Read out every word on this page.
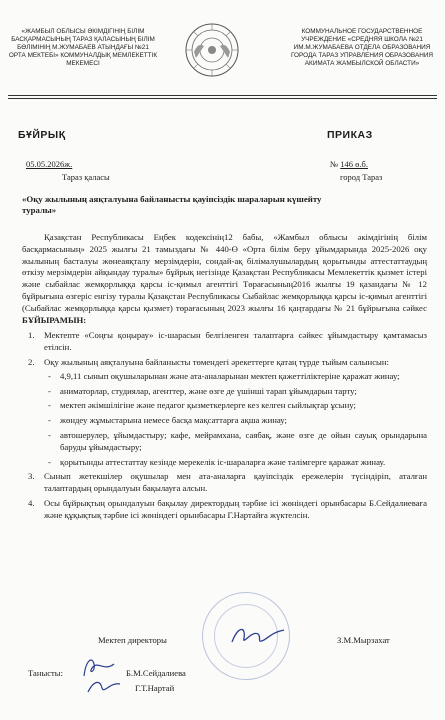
«ЖАМБЫЛ ОБЛЫСЫ ӘКІМДІГІНІҢ БІЛІМ БАСҚАРМАСЫНЫҢ ТАРАЗ ҚАЛАСЫНЫҢ БІЛІМ БӨЛІМІНІҢ М.ЖУМАБАЕВ АТЫНДАҒЫ №21 ОРТА МЕКТЕБІ» КОММУНАЛДЫҚ МЕМЛЕКЕТТІК МЕКЕМЕСІ
КОММУНАЛЬНОЕ ГОСУДАРСТВЕННОЕ УЧРЕЖДЕНИЕ «СРЕДНЯЯ ШКОЛА №21 ИМ.М.ЖУМАБАЕВА ОТДЕЛА ОБРАЗОВАНИЯ ГОРОДА ТАРАЗ УПРАВЛЕНИЯ ОБРАЗОВАНИЯ АКИМАТА ЖАМБЫЛСКОЙ ОБЛАСТИ»
БҰЙРЫҚ	ПРИКАЗ
05.05.2026ж.	№ 146 ө.б.
Тараз қаласы	город Тараз
«Оқу жылының аяқталуына байланысты қауіпсіздік шараларын күшейту туралы»

Қазақстан Республикасы Еңбек кодексінің12 бабы, «Жамбыл облысы әкімдігінің білім басқармасының» 2025 жылғы 21 тамыздағы № 440-Ө «Орта білім беру ұйымдарында 2025-2026 оқу жылының басталуы жөнеаяқталу мерзімдерін, сондай-ақ білімалушылардың қорытынды аттестаттаудың өткізу мерзімдерін айқындау туралы» бұйрық негізінде Қазақстан Республикасы Мемлекеттік қызмет істері және сыбайлас жемқорлыққа қарсы іс-қимыл агенттігі Төрағасының2016 жылғы 19 қазандағы № 12 бұйрығына өзгеріс енгізу туралы Қазақстан Республикасы Сыбайлас жемқорлыққа қарсы іс-қимыл агенттігі (Сыбайлас жемқорлыққа қарсы қызмет) төрағасының 2023 жылғы 16 қаңтардағы № 21 бұйрығына сәйкес БҰЙЫРАМЫН:

1. Мектепте «Соңғы қоңырау» іс-шарасын белгіленген талаптарға сәйкес ұйымдастыру қамтамасыз етілсін.
2. Оқу жылының аяқталуына байланысты төмендегі әрекеттерге қатаң түрде тыйым салынсын:
- 4,9,11 сынып оқушыларынан және ата-аналарынан мектеп қажеттіліктеріне қаражат жинау;
- аниматорлар, студиялар, агенттер, және өзге де үшінші тарап ұйымдарын тарту;
- мектеп әкімшілігіне және педагог қызметкерлерге кез келген сыйлықтар ұсыну;
- жөндеу жұмыстарына немесе басқа мақсаттарға ақша жинау;
- автошерулер, ұйымдастыру; кафе, мейрамхана, саябақ, және өзге де ойын сауық орындарына баруды ұйымдастыру;
- қорытынды аттестаттау кезінде мерекелік іс-шараларға және тәлімгерге қаражат жинау.
3. Сынып жетекшілер оқушылар мен ата-аналарға қауіпсіздік ережелерін түсіндіріп, аталған талаптардың орындалуын бақылауға алсын.
4. Осы бұйрықтың орындалуын бақылау директордың тәрбие ісі жөніндегі орынбасары Б.Сейдалиеваға және құқықтық тәрбие ісі жөніндегі орынбасары Г.Нартайға жүктелсін.
Мектеп директоры	З.М.Мырзахат
Танысты:	Б.М.Сейдалиева
Г.Т.Нартай
